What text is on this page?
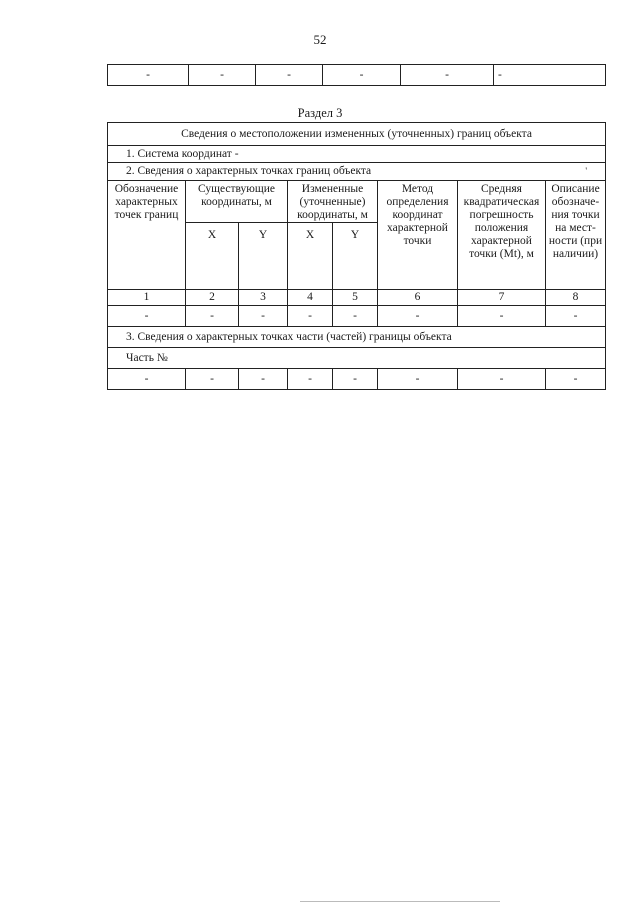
52
-	-	-	-	-	-
Раздел 3
Сведения о местоположении измененных (уточненных) границ объекта							
1. Система координат -							
2. Сведения о характерных точках границ объекта '							

Обозначение характерных точек границ	Существующие координаты, м		Измененные (уточненные) координаты, м		Метод определения координат характерной точки	Средняя квадратическая погрешность положения характерной точки (Mt), м	Описание обозначе-ния точки на мест-ности (при наличии)
	X	Y	X	Y			
1	2	3	4	5	6	7	8
-	-	-	-	-	-	-	-
3. Сведения о характерных точках части (частей) границы объекта							
Часть №							
-	-	-	-	-	-	-	-
